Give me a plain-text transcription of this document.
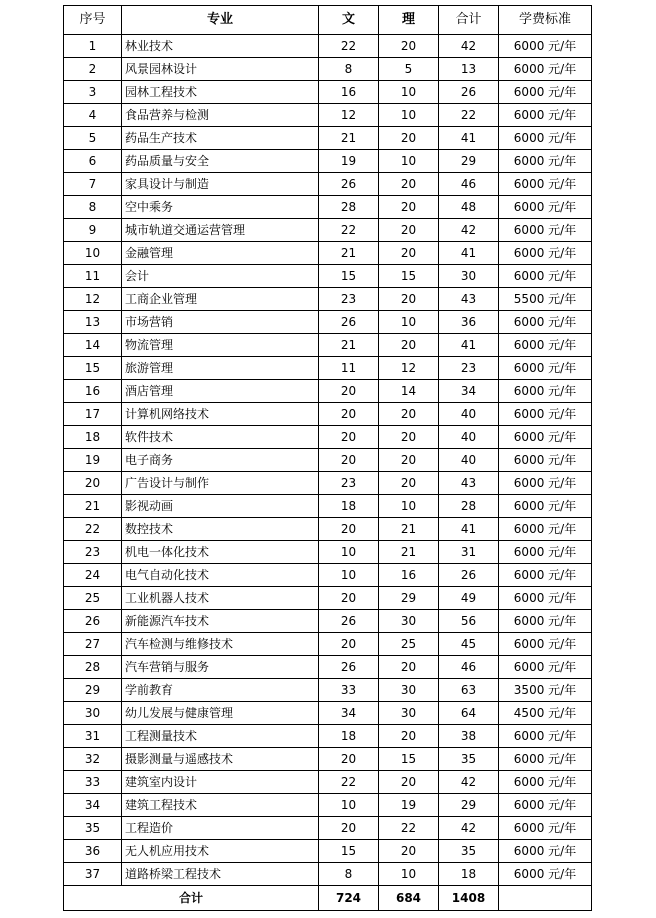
序号	专业	文	理	合计	学费标准
1	林业技术	22	20	42	6000 元/年
2	风景园林设计	8	5	13	6000 元/年
3	园林工程技术	16	10	26	6000 元/年
4	食品营养与检测	12	10	22	6000 元/年
5	药品生产技术	21	20	41	6000 元/年
6	药品质量与安全	19	10	29	6000 元/年
7	家具设计与制造	26	20	46	6000 元/年
8	空中乘务	28	20	48	6000 元/年
9	城市轨道交通运营管理	22	20	42	6000 元/年
10	金融管理	21	20	41	6000 元/年
11	会计	15	15	30	6000 元/年
12	工商企业管理	23	20	43	5500 元/年
13	市场营销	26	10	36	6000 元/年
14	物流管理	21	20	41	6000 元/年
15	旅游管理	11	12	23	6000 元/年
16	酒店管理	20	14	34	6000 元/年
17	计算机网络技术	20	20	40	6000 元/年
18	软件技术	20	20	40	6000 元/年
19	电子商务	20	20	40	6000 元/年
20	广告设计与制作	23	20	43	6000 元/年
21	影视动画	18	10	28	6000 元/年
22	数控技术	20	21	41	6000 元/年
23	机电一体化技术	10	21	31	6000 元/年
24	电气自动化技术	10	16	26	6000 元/年
25	工业机器人技术	20	29	49	6000 元/年
26	新能源汽车技术	26	30	56	6000 元/年
27	汽车检测与维修技术	20	25	45	6000 元/年
28	汽车营销与服务	26	20	46	6000 元/年
29	学前教育	33	30	63	3500 元/年
30	幼儿发展与健康管理	34	30	64	4500 元/年
31	工程测量技术	18	20	38	6000 元/年
32	摄影测量与遥感技术	20	15	35	6000 元/年
33	建筑室内设计	22	20	42	6000 元/年
34	建筑工程技术	10	19	29	6000 元/年
35	工程造价	20	22	42	6000 元/年
36	无人机应用技术	15	20	35	6000 元/年
37	道路桥梁工程技术	8	10	18	6000 元/年
合计		724	684	1408	
